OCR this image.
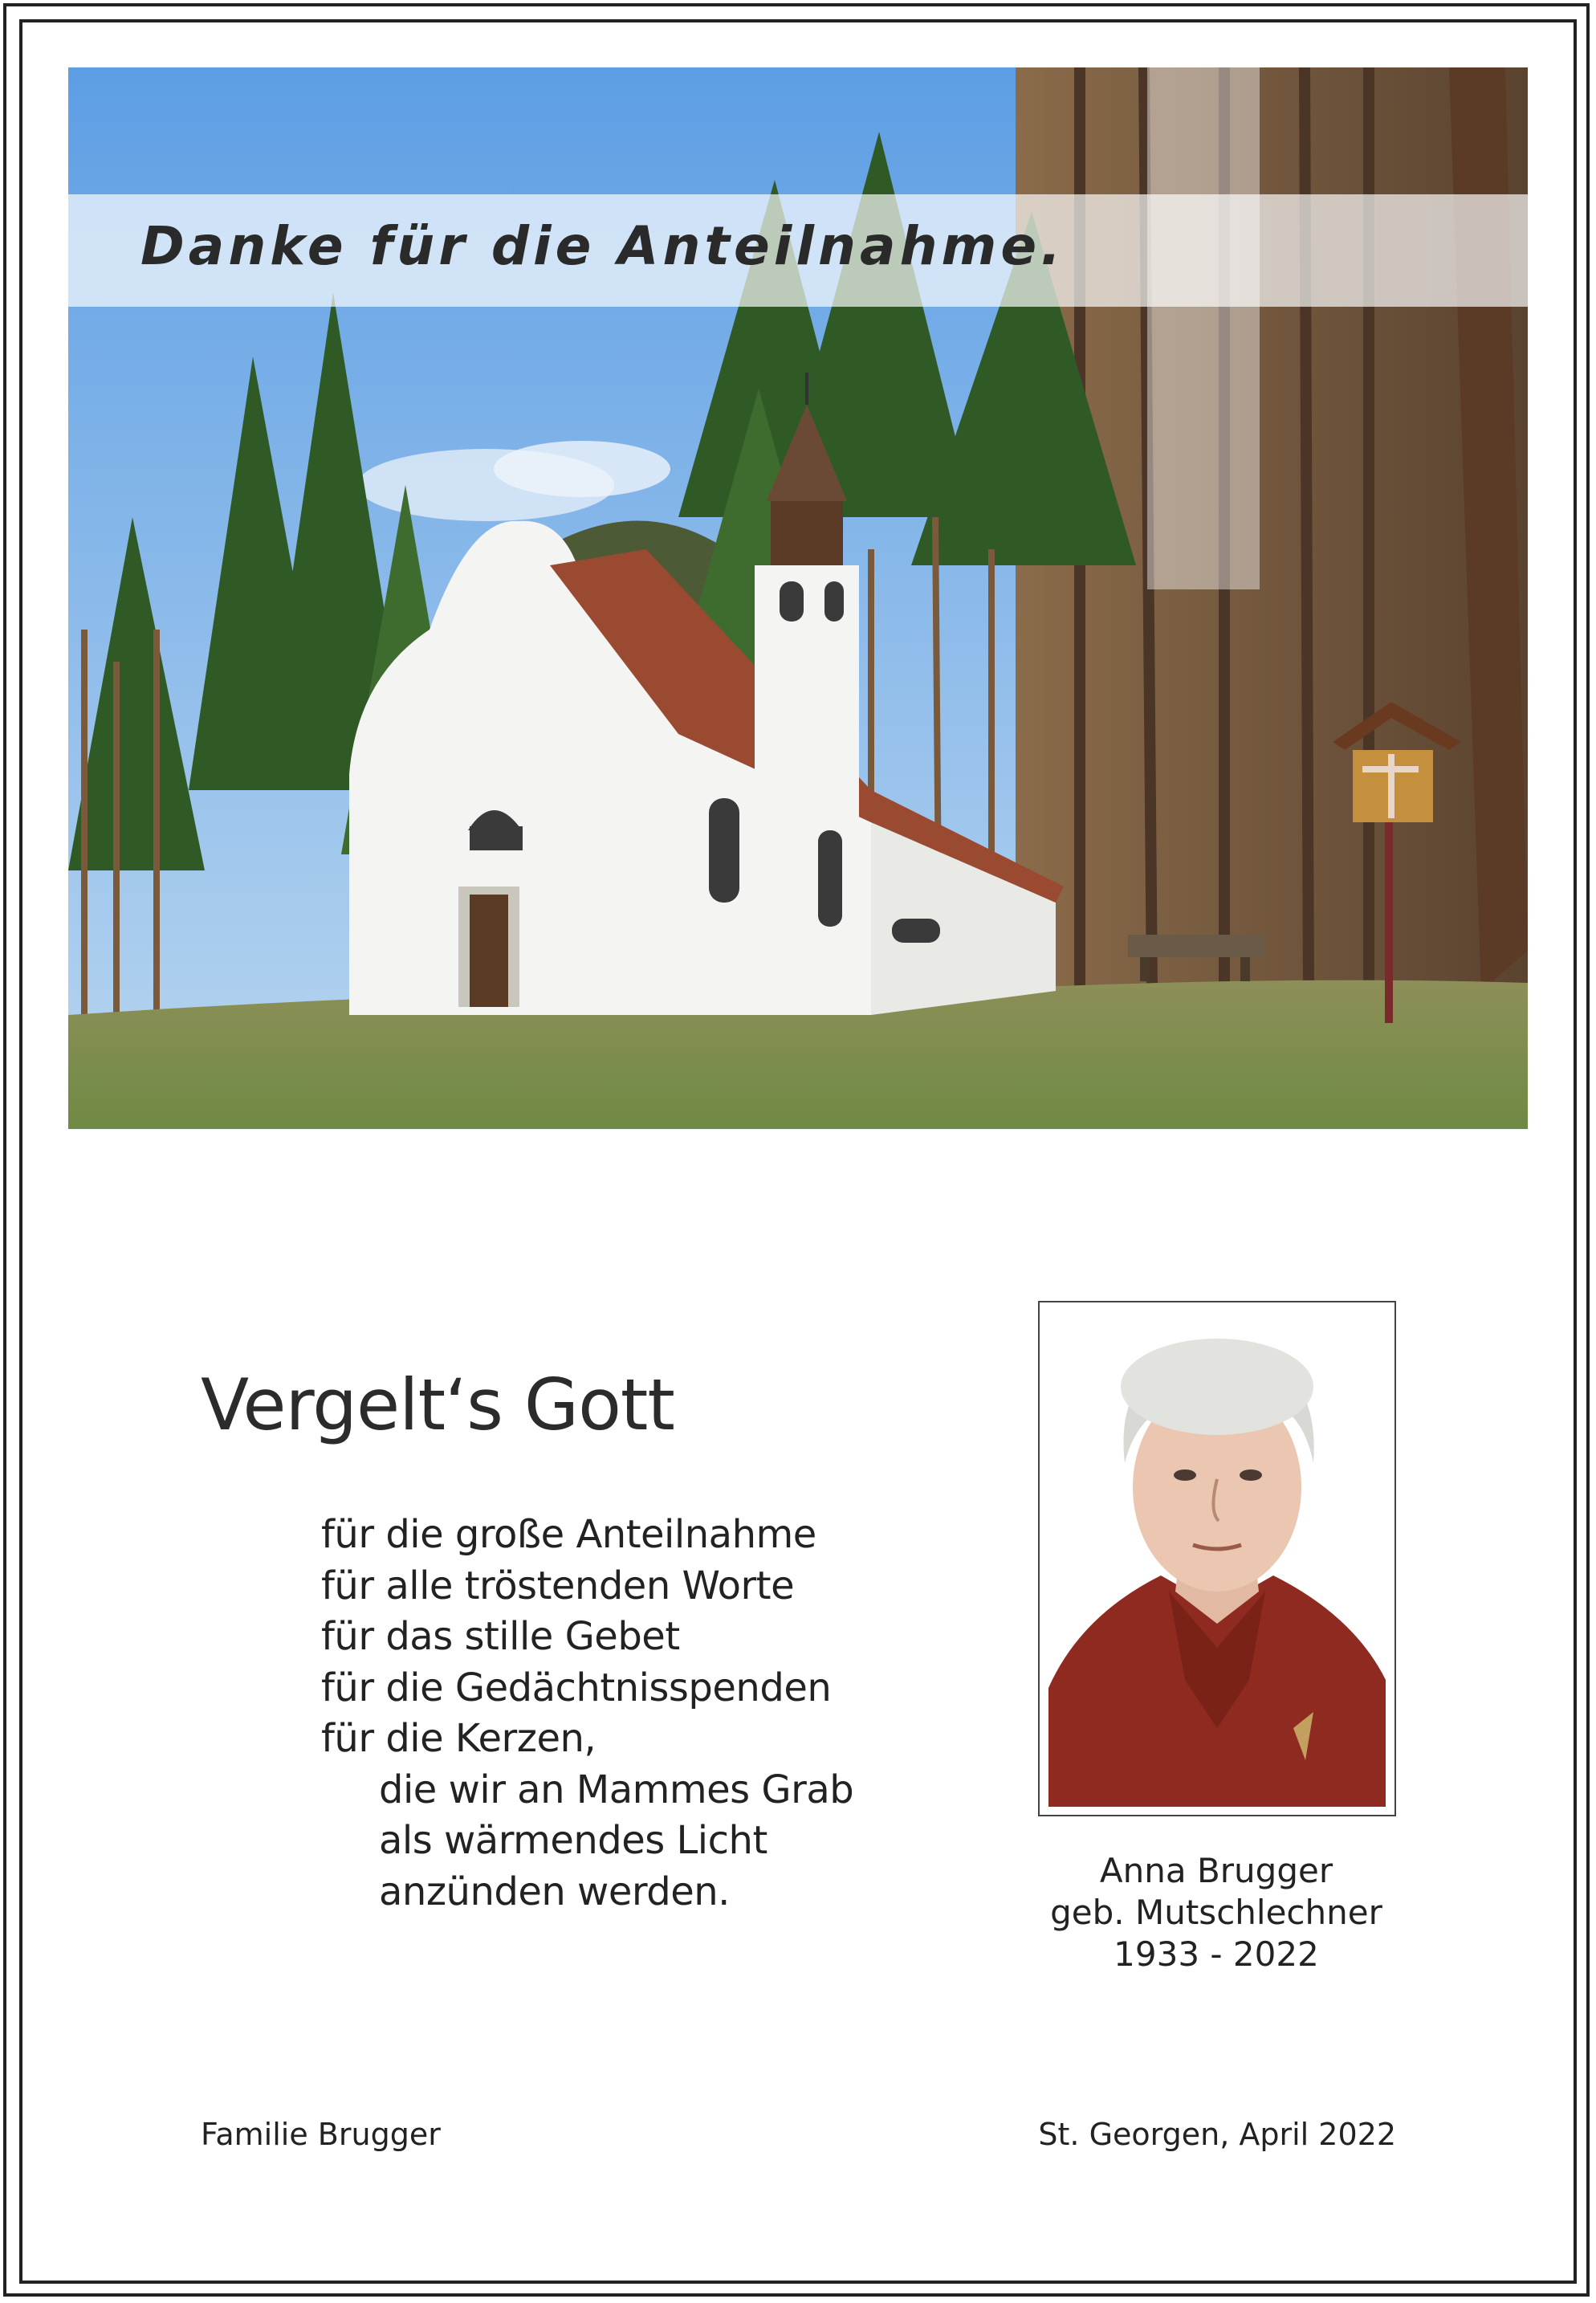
Danke für die Anteilnahme.
Vergelt‘s Gott
für die große Anteilnahme
für alle tröstenden Worte
für das stille Gebet
für die Gedächtnisspenden
für die Kerzen,
die wir an Mammes Grab
als wärmendes Licht
anzünden werden.	Anna Brugger
geb. Mutschlechner
1933 - 2022
Familie Brugger	St. Georgen, April 2022
